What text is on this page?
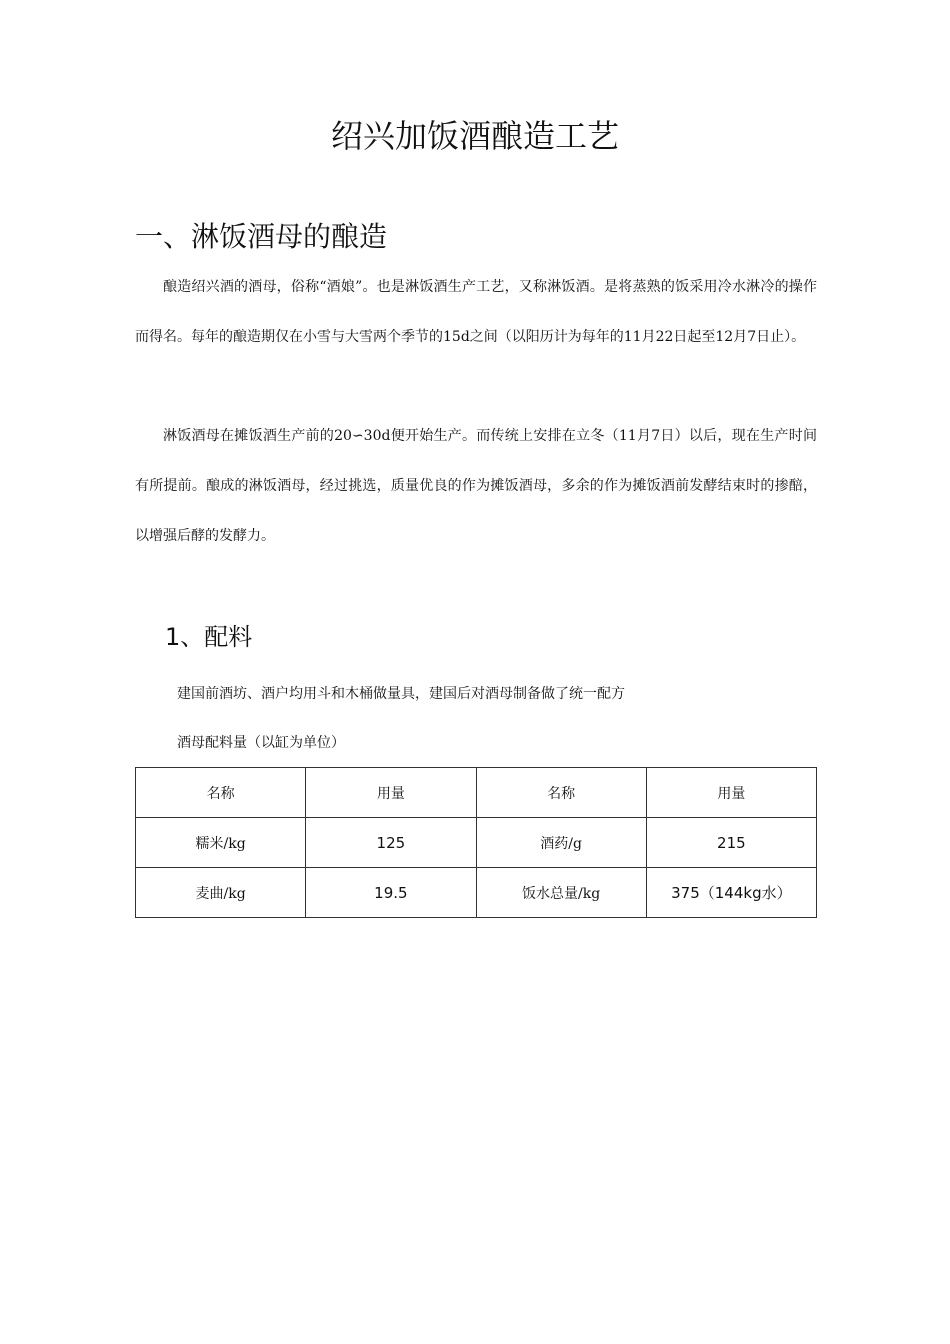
绍兴加饭酒酿造工艺
一、淋饭酒母的酿造

酿造绍兴酒的酒母，俗称“酒娘”。也是淋饭酒生产工艺，又称淋饭酒。是将蒸熟的饭采用冷水淋冷的操作而得名。每年的酿造期仅在小雪与大雪两个季节的15d之间（以阳历计为每年的11月22日起至12月7日止）。

淋饭酒母在摊饭酒生产前的20∽30d便开始生产。而传统上安排在立冬（11月7日）以后，现在生产时间有所提前。酿成的淋饭酒母，经过挑选，质量优良的作为摊饭酒母，多余的作为摊饭酒前发酵结束时的掺醅，以增强后酵的发酵力。

1、配料

建国前酒坊、酒户均用斗和木桶做量具，建国后对酒母制备做了统一配方

酒母配料量（以缸为单位）

名称	用量	名称	用量
糯米/kg	125	酒药/g	215
麦曲/kg	19.5	饭水总量/kg	375（144kg水）
